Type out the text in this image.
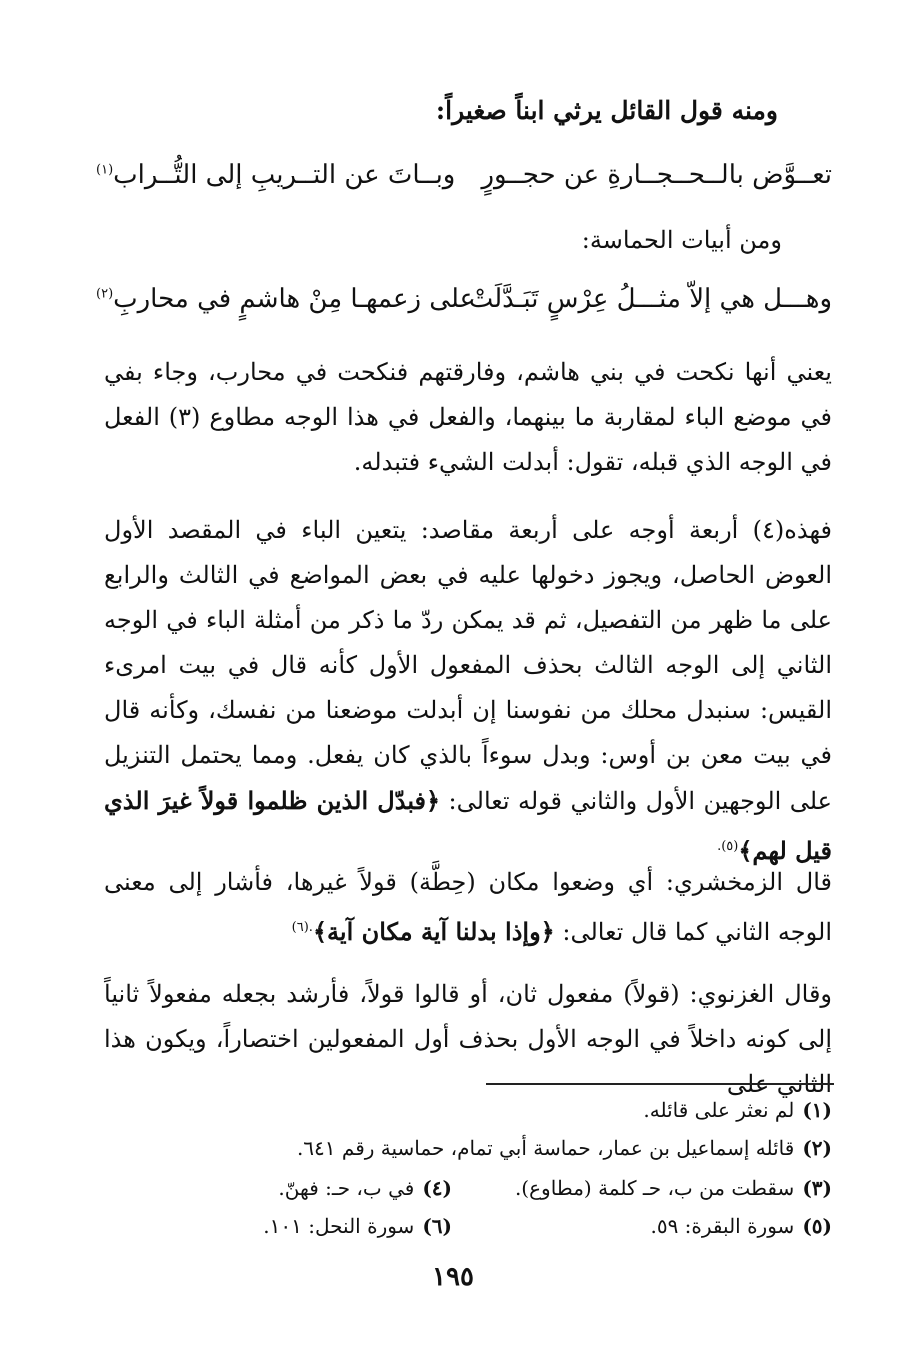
ومنه قول القائل يرثي ابناً صغيراً:
تعــوَّض بالــحــجــارةِ عن حجــورٍ
وبــاتَ عن التــريبِ إلى التُّــراب$^{(١)}$
ومن أبيات الحماسة:
وهـــل هي إلاّ مثـــلُ عِرْسٍ تَبَـدَّلَتْ
على زعمهـا مِنْ هاشمٍ في محاربِ$^{(٢)}$

يعني أنها نكحت في بني هاشم، وفارقتهم فنكحت في محارب، وجاء بفي في موضع الباء لمقاربة ما بينهما، والفعل في هذا الوجه مطاوع (٣) الفعل في الوجه الذي قبله، تقول: أبدلت الشيء فتبدله.

فهذه(٤) أربعة أوجه على أربعة مقاصد: يتعين الباء في المقصد الأول العوض الحاصل، ويجوز دخولها عليه في بعض المواضع في الثالث والرابع على ما ظهر من التفصيل، ثم قد يمكن ردّ ما ذكر من أمثلة الباء في الوجه الثاني إلى الوجه الثالث بحذف المفعول الأول كأنه قال في بيت امرىء القيس: سنبدل محلك من نفوسنا إن أبدلت موضعنا من نفسك، وكأنه قال في بيت معن بن أوس: وبدل سوءاً بالذي كان يفعل. ومما يحتمل التنزيل على الوجهين الأول والثاني قوله تعالى: ﴿فبدّل الذين ظلموا قولاً غيرَ الذي قيل لهم﴾$^{(٥).}$

قال الزمخشري: أي وضعوا مكان (حِطَّة) قولاً غيرها، فأشار إلى معنى الوجه الثاني كما قال تعالى: ﴿وإذا بدلنا آية مكان آية﴾$^{.(٦)}$

وقال الغزنوي: (قولاً) مفعول ثان، أو قالوا قولاً، فأرشد بجعله مفعولاً ثانياً إلى كونه داخلاً في الوجه الأول بحذف أول المفعولين اختصاراً، ويكون هذا الثاني على

(١)لم نعثر على قائله.
(٢)قائله إسماعيل بن عمار، حماسة أبي تمام، حماسية رقم ٦٤١.
(٣)سقطت من ب، حـ كلمة (مطاوع).
(٤)في ب، حـ: فهنّ.
(٥)سورة البقرة: ٥٩.
(٦)سورة النحل: ١٠١.
١٩٥
